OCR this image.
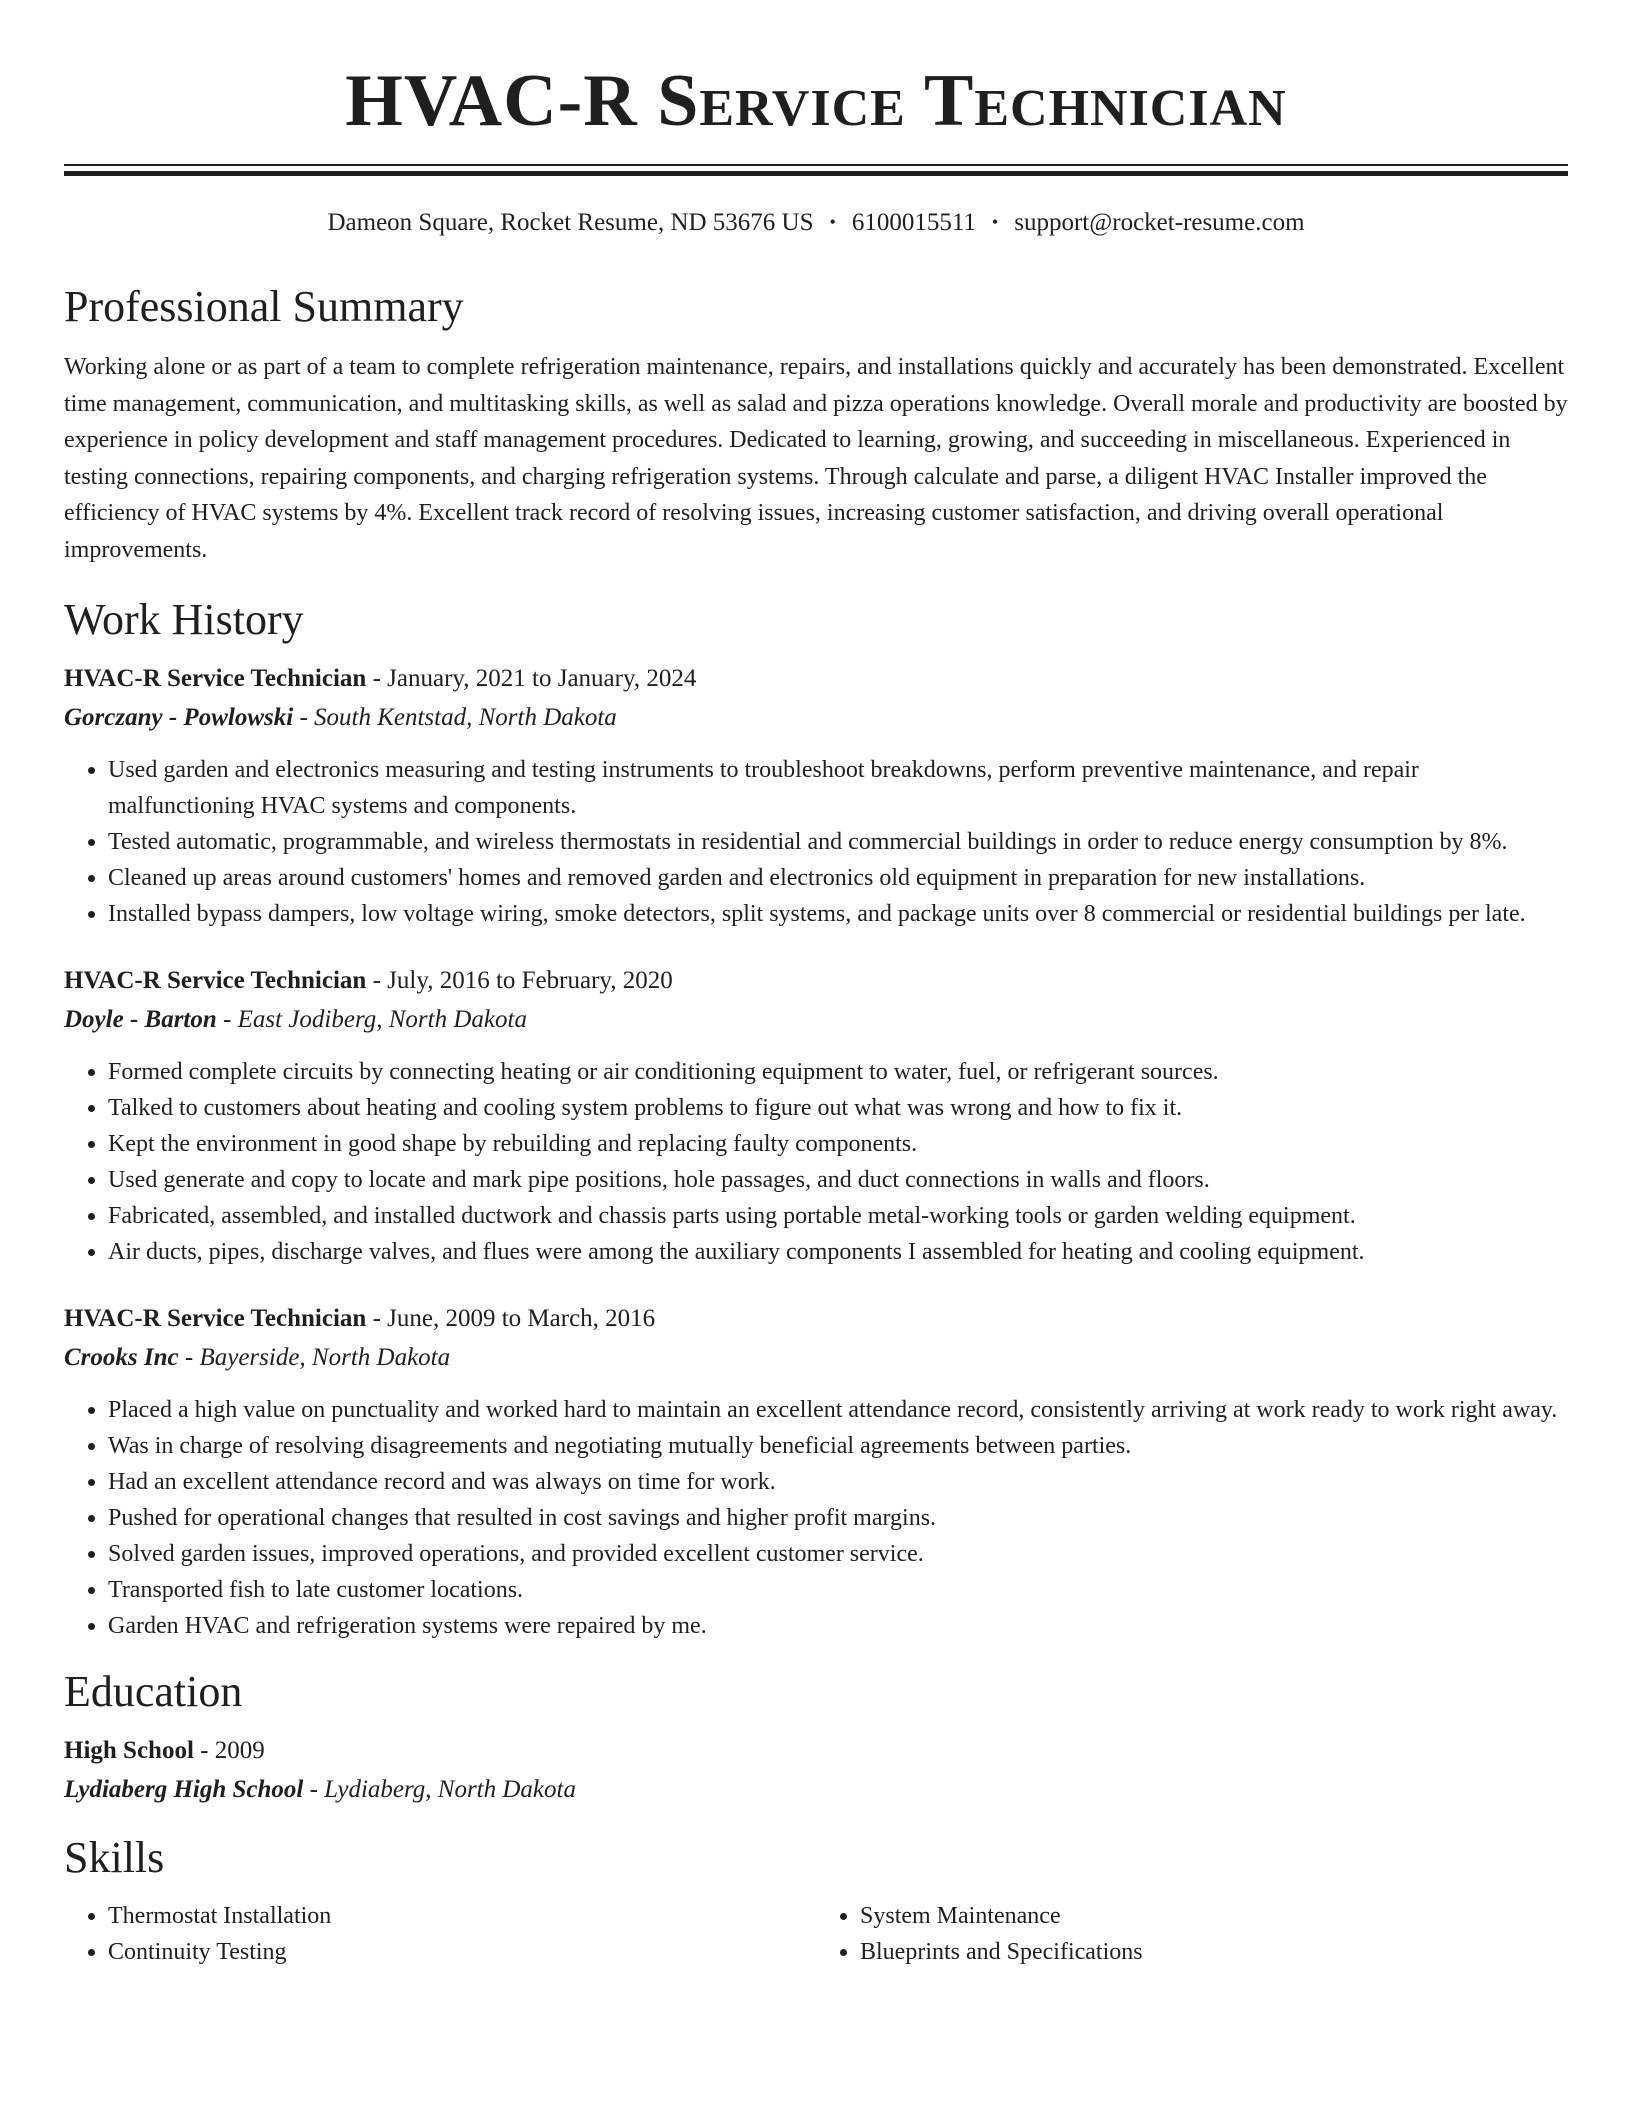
HVAC-R Service Technician
Dameon Square, Rocket Resume, ND 53676 US • 6100015511 • support@rocket-resume.com
Professional Summary

Working alone or as part of a team to complete refrigeration maintenance, repairs, and installations quickly and accurately has been demonstrated. Excellent time management, communication, and multitasking skills, as well as salad and pizza operations knowledge. Overall morale and productivity are boosted by experience in policy development and staff management procedures. Dedicated to learning, growing, and succeeding in miscellaneous. Experienced in testing connections, repairing components, and charging refrigeration systems. Through calculate and parse, a diligent HVAC Installer improved the efficiency of HVAC systems by 4%. Excellent track record of resolving issues, increasing customer satisfaction, and driving overall operational improvements.

Work History
HVAC-R Service Technician - January, 2021 to January, 2024
Gorczany - Powlowski - South Kentstad, North Dakota
• Used garden and electronics measuring and testing instruments to troubleshoot breakdowns, perform preventive maintenance, and repair malfunctioning HVAC systems and components.
• Tested automatic, programmable, and wireless thermostats in residential and commercial buildings in order to reduce energy consumption by 8%.
• Cleaned up areas around customers' homes and removed garden and electronics old equipment in preparation for new installations.
• Installed bypass dampers, low voltage wiring, smoke detectors, split systems, and package units over 8 commercial or residential buildings per late.
HVAC-R Service Technician - July, 2016 to February, 2020
Doyle - Barton - East Jodiberg, North Dakota
• Formed complete circuits by connecting heating or air conditioning equipment to water, fuel, or refrigerant sources.
• Talked to customers about heating and cooling system problems to figure out what was wrong and how to fix it.
• Kept the environment in good shape by rebuilding and replacing faulty components.
• Used generate and copy to locate and mark pipe positions, hole passages, and duct connections in walls and floors.
• Fabricated, assembled, and installed ductwork and chassis parts using portable metal-working tools or garden welding equipment.
• Air ducts, pipes, discharge valves, and flues were among the auxiliary components I assembled for heating and cooling equipment.
HVAC-R Service Technician - June, 2009 to March, 2016
Crooks Inc - Bayerside, North Dakota
• Placed a high value on punctuality and worked hard to maintain an excellent attendance record, consistently arriving at work ready to work right away.
• Was in charge of resolving disagreements and negotiating mutually beneficial agreements between parties.
• Had an excellent attendance record and was always on time for work.
• Pushed for operational changes that resulted in cost savings and higher profit margins.
• Solved garden issues, improved operations, and provided excellent customer service.
• Transported fish to late customer locations.
• Garden HVAC and refrigeration systems were repaired by me.
Education
High School - 2009
Lydiaberg High School - Lydiaberg, North Dakota
Skills
• Thermostat Installation
• Continuity Testing
• System Maintenance
• Blueprints and Specifications
